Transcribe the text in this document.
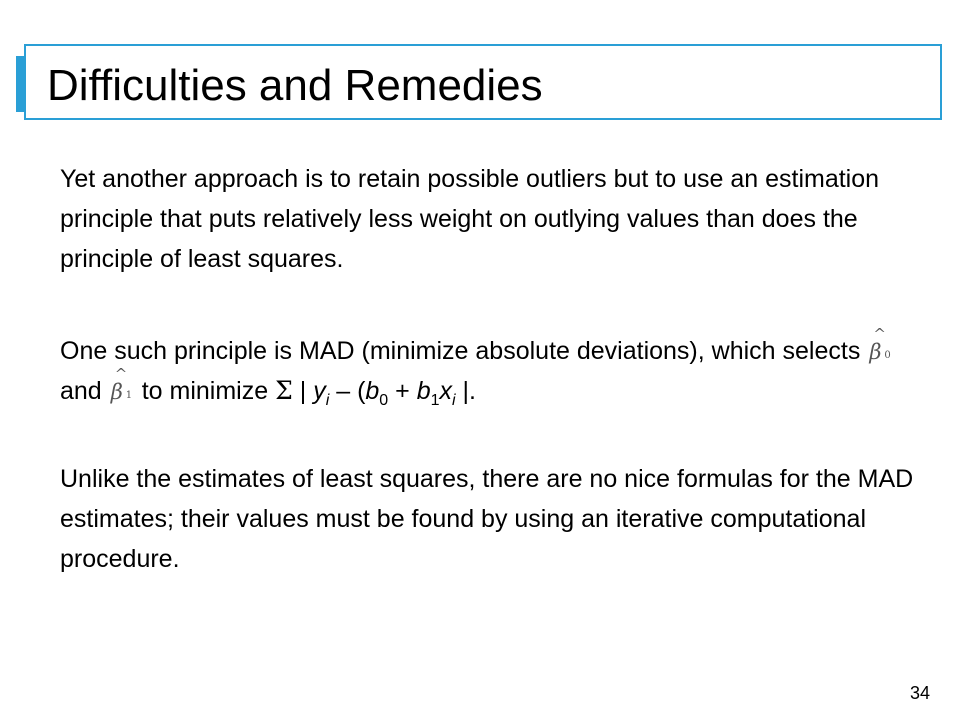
Difficulties and Remedies

Yet another approach is to retain possible outliers but to use an estimation principle that puts relatively less weight on outlying values than does the principle of least squares.

One such principle is MAD (minimize absolute deviations), which selects
^
β 0
and
^
β 1 to minimize Σ | $y_i - (b_0 + b_1x_i$ |.

Unlike the estimates of least squares, there are no nice formulas for the MAD estimates; their values must be found by using an iterative computational procedure.

34
